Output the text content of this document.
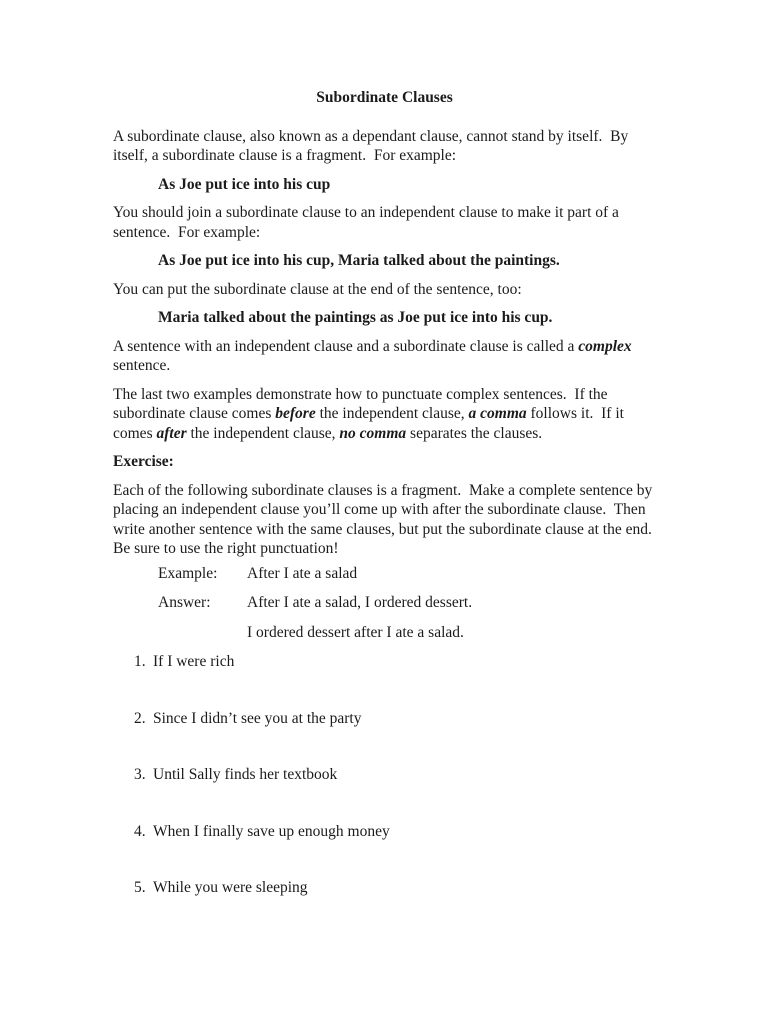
Subordinate Clauses

A subordinate clause, also known as a dependant clause, cannot stand by itself.  By itself, a subordinate clause is a fragment.  For example:

As Joe put ice into his cup

You should join a subordinate clause to an independent clause to make it part of a sentence.  For example:

As Joe put ice into his cup, Maria talked about the paintings.

You can put the subordinate clause at the end of the sentence, too:

Maria talked about the paintings as Joe put ice into his cup.

A sentence with an independent clause and a subordinate clause is called a complex sentence.

The last two examples demonstrate how to punctuate complex sentences.  If the subordinate clause comes before the independent clause, a comma follows it.  If it comes after the independent clause, no comma separates the clauses.

Exercise:

Each of the following subordinate clauses is a fragment.  Make a complete sentence by placing an independent clause you’ll come up with after the subordinate clause.  Then write another sentence with the same clauses, but put the subordinate clause at the end.  Be sure to use the right punctuation!

Example:	After I ate a salad
Answer:	After I ate a salad, I ordered dessert.
I ordered dessert after I ate a salad.
1. If I were rich
2. Since I didn’t see you at the party
3. Until Sally finds her textbook
4. When I finally save up enough money
5. While you were sleeping
